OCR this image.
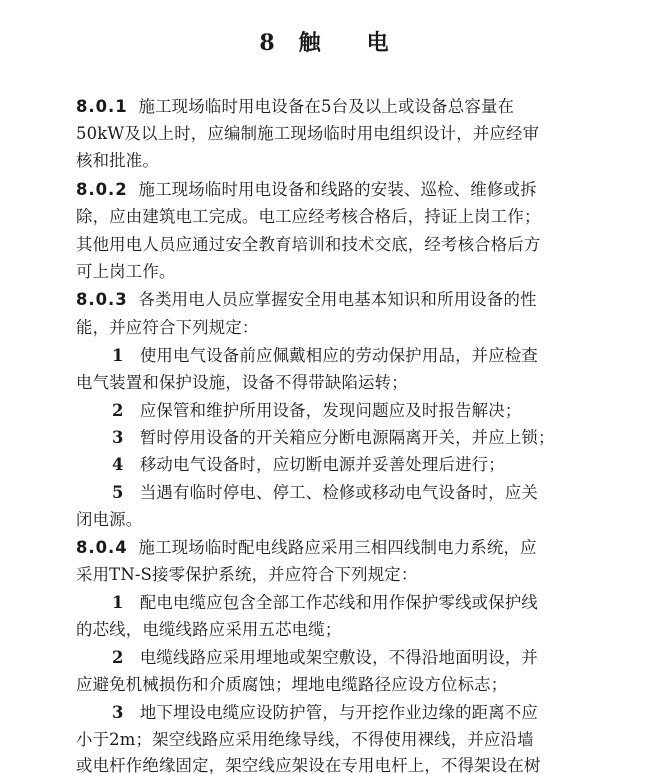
8 触 电
8.0.1 施工现场临时用电设备在5台及以上或设备总容量在
50kW及以上时，应编制施工现场临时用电组织设计，并应经审
核和批准。
8.0.2 施工现场临时用电设备和线路的安装、巡检、维修或拆
除，应由建筑电工完成。电工应经考核合格后，持证上岗工作；
其他用电人员应通过安全教育培训和技术交底，经考核合格后方
可上岗工作。
8.0.3 各类用电人员应掌握安全用电基本知识和所用设备的性
能，并应符合下列规定：
1 使用电气设备前应佩戴相应的劳动保护用品，并应检查
电气装置和保护设施，设备不得带缺陷运转；
2 应保管和维护所用设备，发现问题应及时报告解决；
3 暂时停用设备的开关箱应分断电源隔离开关，并应上锁；
4 移动电气设备时，应切断电源并妥善处理后进行；
5 当遇有临时停电、停工、检修或移动电气设备时，应关
闭电源。
8.0.4 施工现场临时配电线路应采用三相四线制电力系统，应
采用TN-S接零保护系统，并应符合下列规定：
1 配电电缆应包含全部工作芯线和用作保护零线或保护线
的芯线，电缆线路应采用五芯电缆；
2 电缆线路应采用埋地或架空敷设，不得沿地面明设，并
应避免机械损伤和介质腐蚀；埋地电缆路径应设方位标志；
3 地下埋设电缆应设防护管，与开挖作业边缘的距离不应
小于2m；架空线路应采用绝缘导线，不得使用裸线，并应沿墙
或电杆作绝缘固定，架空线应架设在专用电杆上，不得架设在树
